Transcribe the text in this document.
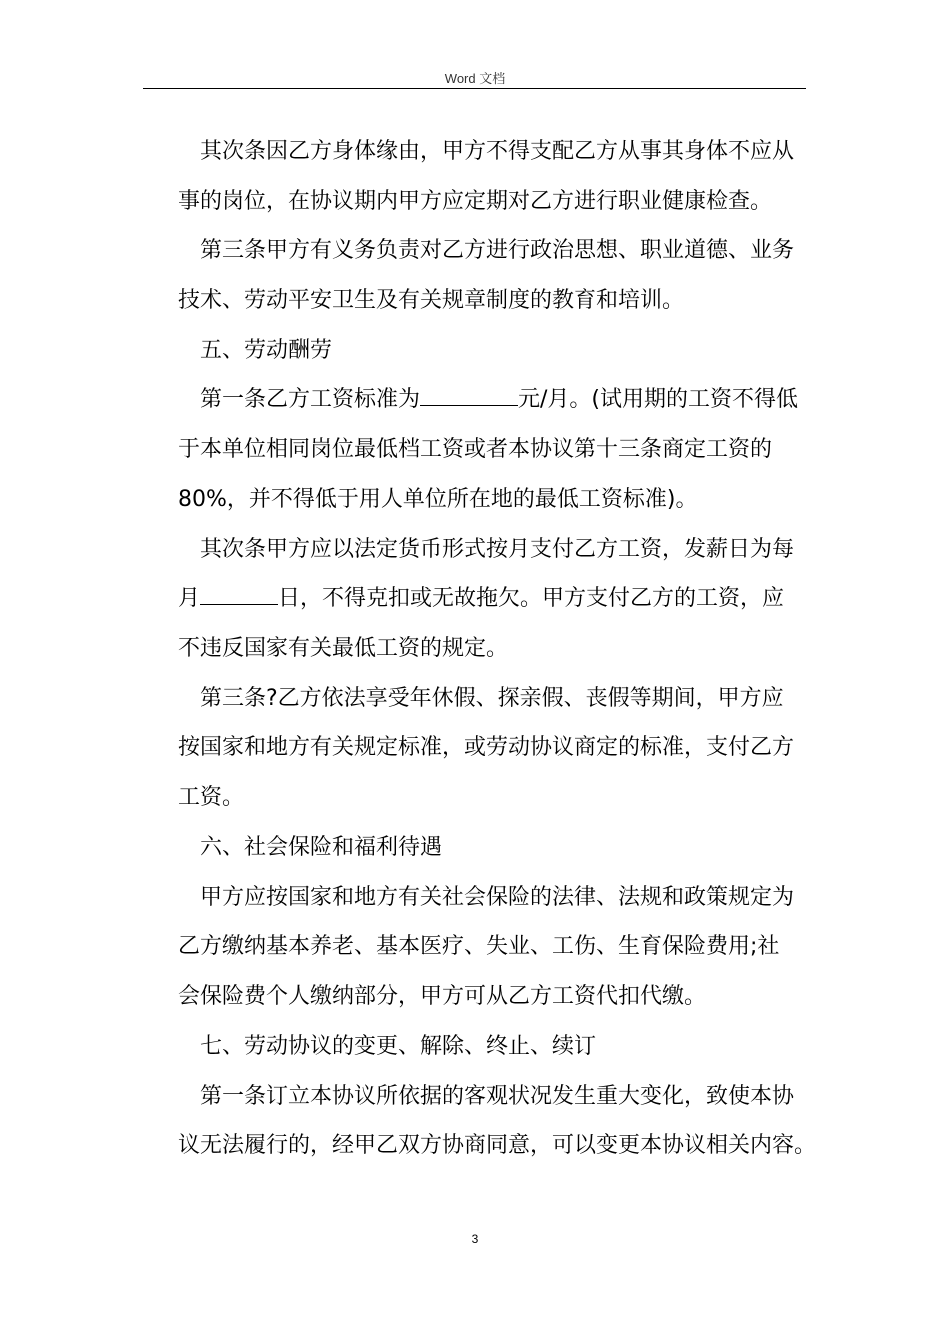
Word 文档
其次条因乙方身体缘由，甲方不得支配乙方从事其身体不应从
事的岗位，在协议期内甲方应定期对乙方进行职业健康检查。
第三条甲方有义务负责对乙方进行政治思想、职业道德、业务
技术、劳动平安卫生及有关规章制度的教育和培训。
五、劳动酬劳
第一条乙方工资标准为	元/月。(试用期的工资不得低
于本单位相同岗位最低档工资或者本协议第十三条商定工资的
80%，并不得低于用人单位所在地的最低工资标准)。
其次条甲方应以法定货币形式按月支付乙方工资，发薪日为每
月	日，不得克扣或无故拖欠。甲方支付乙方的工资，应
不违反国家有关最低工资的规定。
第三条?乙方依法享受年休假、探亲假、丧假等期间，甲方应
按国家和地方有关规定标准，或劳动协议商定的标准，支付乙方
工资。
六、社会保险和福利待遇
甲方应按国家和地方有关社会保险的法律、法规和政策规定为
乙方缴纳基本养老、基本医疗、失业、工伤、生育保险费用;社
会保险费个人缴纳部分，甲方可从乙方工资代扣代缴。
七、劳动协议的变更、解除、终止、续订
第一条订立本协议所依据的客观状况发生重大变化，致使本协
议无法履行的，经甲乙双方协商同意，可以变更本协议相关内容。
3
